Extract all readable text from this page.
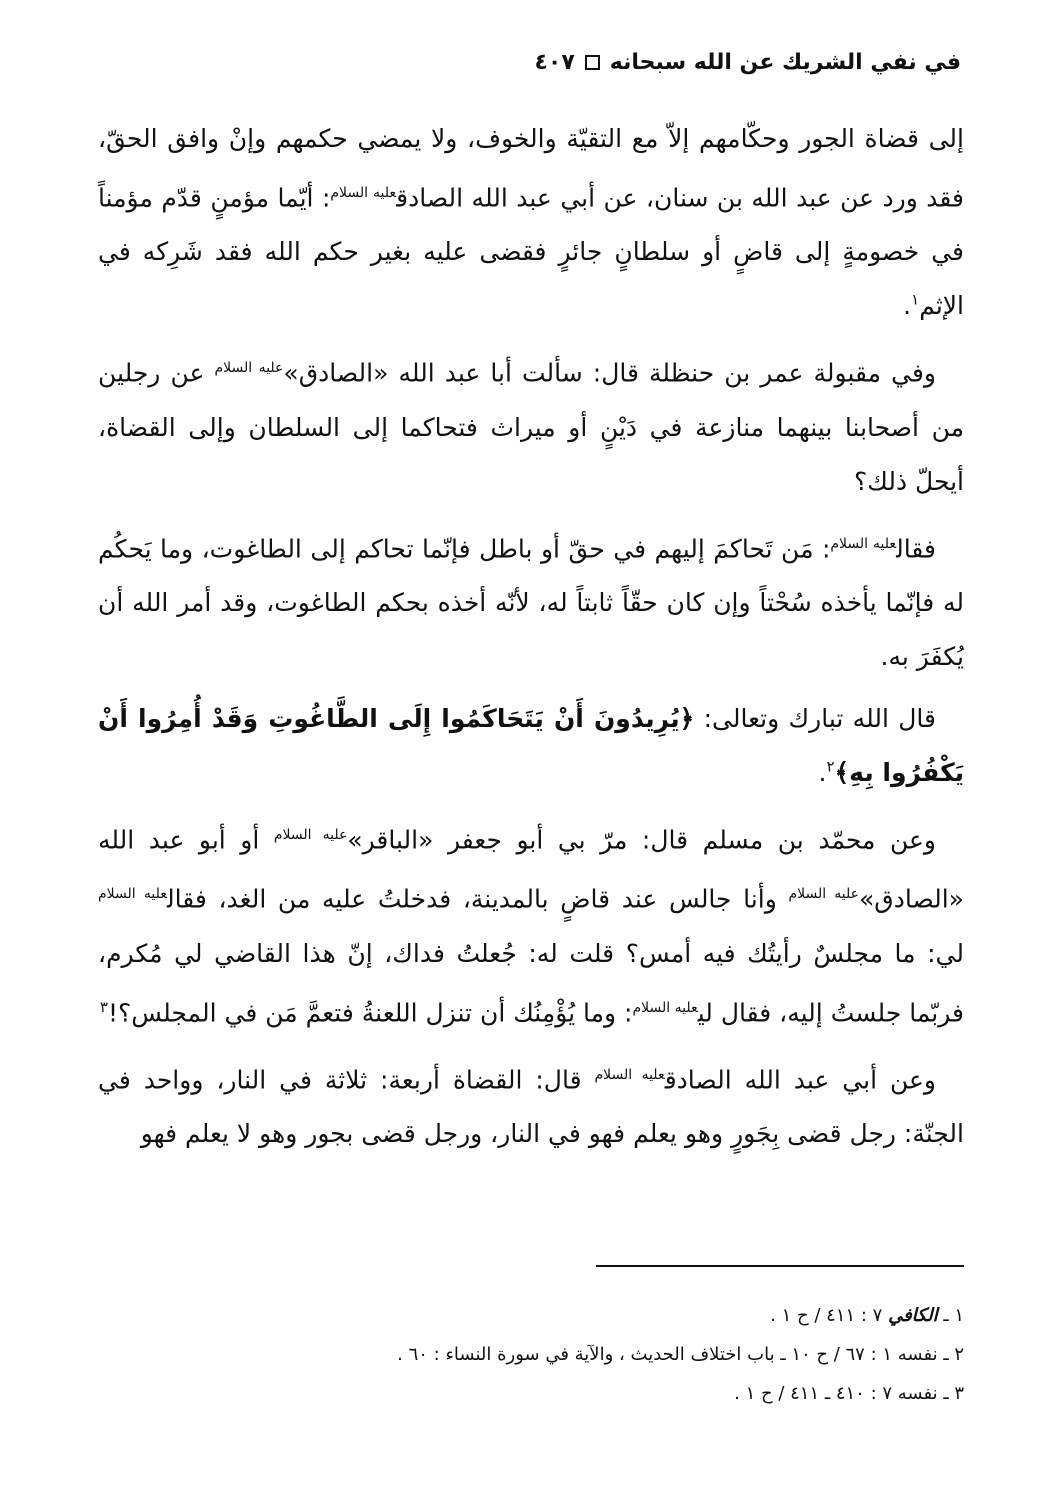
في نفي الشريك عن الله سبحانه
٤٠٧

إلى قضاة الجور وحكّامهم إلاّ مع التقيّة والخوف، ولا يمضي حكمهم وإنْ وافق الحقّ، فقد ورد عن عبد الله بن سنان، عن أبي عبد الله الصادق$^{عليه السلام}$: أيّما مؤمنٍ قدّم مؤمناً في خصومةٍ إلى قاضٍ أو سلطانٍ جائرٍ فقضى عليه بغير حكم الله فقد شَرِكه في الإثم$^١$.

وفي مقبولة عمر بن حنظلة قال: سألت أبا عبد الله «الصادق»$^{عليه السلام}$ عن رجلين من أصحابنا بينهما منازعة في دَيْنٍ أو ميراث فتحاكما إلى السلطان وإلى القضاة، أيحلّ ذلك؟

فقال$^{عليه السلام}$: مَن تَحاكمَ إليهم في حقّ أو باطل فإنّما تحاكم إلى الطاغوت، وما يَحكُم له فإنّما يأخذه سُحْتاً وإن كان حقّاً ثابتاً له، لأنّه أخذه بحكم الطاغوت، وقد أمر الله أن يُكفَرَ به.

قال الله تبارك وتعالى: ﴿يُرِيدُونَ أَنْ يَتَحَاكَمُوا إِلَى الطَّاغُوتِ وَقَدْ أُمِرُوا أَنْ يَكْفُرُوا بِهِ﴾$^٢$.

وعن محمّد بن مسلم قال: مرّ بي أبو جعفر «الباقر»$^{عليه السلام}$ أو أبو عبد الله «الصادق»$^{عليه السلام}$ وأنا جالس عند قاضٍ بالمدينة، فدخلتُ عليه من الغد، فقال$^{عليه السلام}$ لي: ما مجلسٌ رأيتُك فيه أمس؟ قلت له: جُعلتُ فداك، إنّ هذا القاضي لي مُكرم، فربّما جلستُ إليه، فقال لي$^{عليه السلام}$: وما يُؤْمِنُك أن تنزل اللعنةُ فتعمَّ مَن في المجلس؟!$^٣$

وعن أبي عبد الله الصادق$^{عليه السلام}$ قال: القضاة أربعة: ثلاثة في النار، وواحد في الجنّة: رجل قضى بِجَورٍ وهو يعلم فهو في النار، ورجل قضى بجور وهو لا يعلم فهو

١ ـ الكافي ٧ : ٤١١ / ح ١ .
٢ ـ نفسه ١ : ٦٧ / ح ١٠ ـ باب اختلاف الحديث ، والآية في سورة النساء : ٦٠ .
٣ ـ نفسه ٧ : ٤١٠ ـ ٤١١ / ح ١ .
